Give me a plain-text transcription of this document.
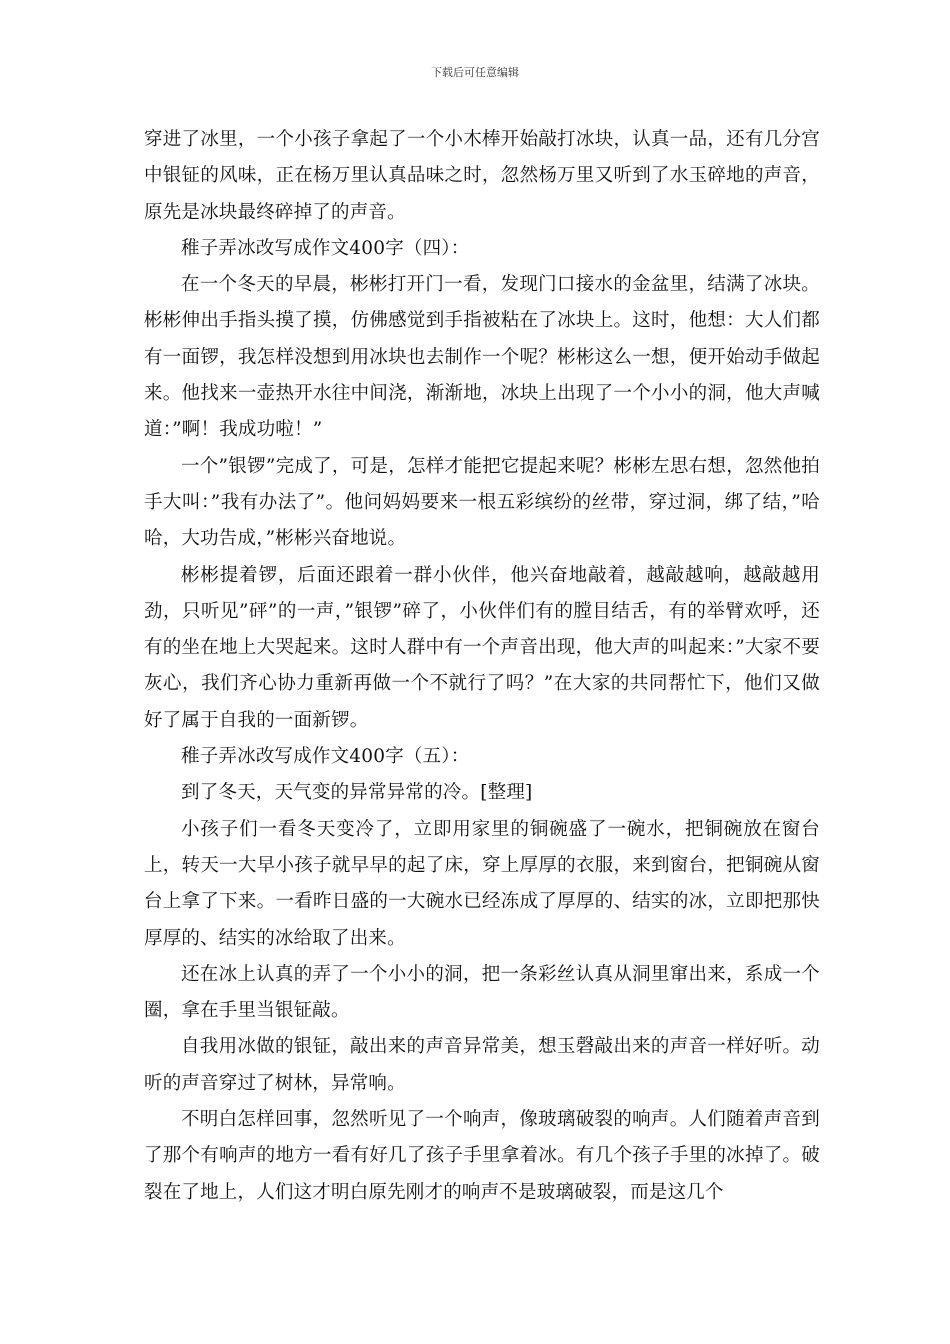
下载后可任意编辑

穿进了冰里，一个小孩子拿起了一个小木棒开始敲打冰块，认真一品，还有几分宫中银钲的风味，正在杨万里认真品味之时，忽然杨万里又听到了水玉碎地的声音，原先是冰块最终碎掉了的声音。

稚子弄冰改写成作文400字（四）：

在一个冬天的早晨，彬彬打开门一看，发现门口接水的金盆里，结满了冰块。彬彬伸出手指头摸了摸，仿佛感觉到手指被粘在了冰块上。这时，他想：大人们都有一面锣，我怎样没想到用冰块也去制作一个呢？彬彬这么一想，便开始动手做起来。他找来一壶热开水往中间浇，渐渐地，冰块上出现了一个小小的洞，他大声喊道：”啊！我成功啦！”

一个”银锣”完成了，可是，怎样才能把它提起来呢？彬彬左思右想，忽然他拍手大叫：”我有办法了”。他问妈妈要来一根五彩缤纷的丝带，穿过洞，绑了结，”哈哈，大功告成，”彬彬兴奋地说。

彬彬提着锣，后面还跟着一群小伙伴，他兴奋地敲着，越敲越响，越敲越用劲，只听见”砰”的一声，”银锣”碎了，小伙伴们有的膛目结舌，有的举臂欢呼，还有的坐在地上大哭起来。这时人群中有一个声音出现，他大声的叫起来：”大家不要灰心，我们齐心协力重新再做一个不就行了吗？”在大家的共同帮忙下，他们又做好了属于自我的一面新锣。

稚子弄冰改写成作文400字（五）：

到了冬天，天气变的异常异常的冷。[整理]

小孩子们一看冬天变冷了，立即用家里的铜碗盛了一碗水，把铜碗放在窗台上，转天一大早小孩子就早早的起了床，穿上厚厚的衣服，来到窗台，把铜碗从窗台上拿了下来。一看昨日盛的一大碗水已经冻成了厚厚的、结实的冰，立即把那快厚厚的、结实的冰给取了出来。

还在冰上认真的弄了一个小小的洞，把一条彩丝认真从洞里窜出来，系成一个圈，拿在手里当银钲敲。

自我用冰做的银钲，敲出来的声音异常美，想玉磬敲出来的声音一样好听。动听的声音穿过了树林，异常响。

不明白怎样回事，忽然听见了一个响声，像玻璃破裂的响声。人们随着声音到了那个有响声的地方一看有好几了孩子手里拿着冰。有几个孩子手里的冰掉了。破裂在了地上，人们这才明白原先刚才的响声不是玻璃破裂，而是这几个
